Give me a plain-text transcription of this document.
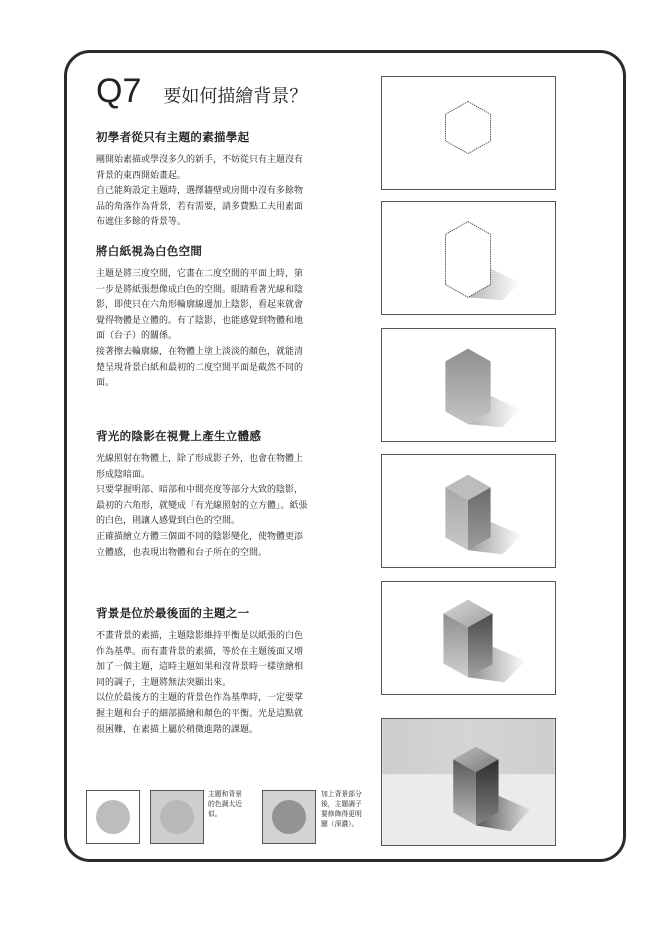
Q7 要如何描繪背景？
初學者從只有主題的素描學起

剛開始素描或學沒多久的新手，不妨從只有主題沒有背景的東西開始畫起。

自己能夠設定主題時，選擇牆壁或房間中沒有多餘物品的角落作為背景，若有需要，請多費點工夫用素面布遮住多餘的背景等。

將白紙視為白色空間

主題是將三度空間，它畫在二度空間的平面上時，第一步是將紙張想像成白色的空間。眼睛看著光線和陰影，即使只在六角形輪廓線邊加上陰影，看起來就會覺得物體是立體的。有了陰影，也能感覺到物體和地面（台子）的關係。

接著擦去輪廓線，在物體上塗上淡淡的顏色，就能清楚呈現背景白紙和最初的二度空間平面是截然不同的面。

背光的陰影在視覺上產生立體感

光線照射在物體上，除了形成影子外，也會在物體上形成陰暗面。

只要掌握明部、暗部和中間亮度等部分大致的陰影，最初的六角形，就變成「有光線照射的立方體」。紙張的白色，則讓人感覺到白色的空間。

正確描繪立方體三個面不同的陰影變化，使物體更添立體感，也表現出物體和台子所在的空間。

背景是位於最後面的主題之一

不畫背景的素描，主題陰影維持平衡是以紙張的白色作為基準。而有畫背景的素描，等於在主題後面又增加了一個主題，這時主題如果和沒背景時一樣塗繪相同的調子，主題將無法突顯出來。

以位於最後方的主題的背景色作為基準時，一定要掌握主題和台子的細部描繪和顏色的平衡。光是這點就很困難，在素描上屬於稍微進階的課題。

主題和背景
的色調太近
似。
加上背景部分
後，主題調子
要修飾得更明
顯（深濃）。
